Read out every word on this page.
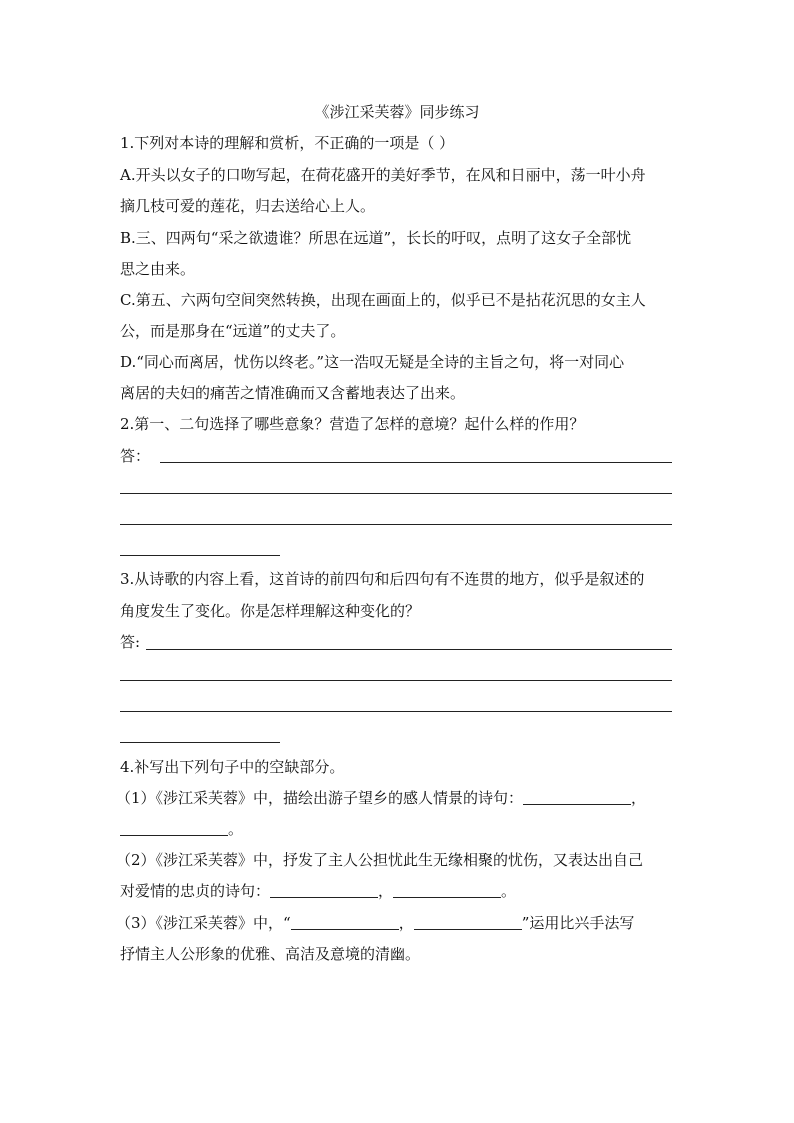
《涉江采芙蓉》同步练习
1.下列对本诗的理解和赏析，不正确的一项是（ ）
A.开头以女子的口吻写起，在荷花盛开的美好季节，在风和日丽中，荡一叶小舟
摘几枝可爱的莲花，归去送给心上人。
B.三、四两句“采之欲遗谁？所思在远道”，长长的吁叹，点明了这女子全部忧
思之由来。
C.第五、六两句空间突然转换，出现在画面上的，似乎已不是拈花沉思的女主人
公，而是那身在“远道”的丈夫了。
D.“同心而离居，忧伤以终老。”这一浩叹无疑是全诗的主旨之句，将一对同心
离居的夫妇的痛苦之情准确而又含蓄地表达了出来。
2.第一、二句选择了哪些意象？营造了怎样的意境？起什么样的作用？
答：
3.从诗歌的内容上看，这首诗的前四句和后四句有不连贯的地方，似乎是叙述的
角度发生了变化。你是怎样理解这种变化的？
答:
4.补写出下列句子中的空缺部分。
（1）《涉江采芙蓉》中，描绘出游子望乡的感人情景的诗句：	，
。
（2）《涉江采芙蓉》中，抒发了主人公担忧此生无缘相聚的忧伤，又表达出自己
对爱情的忠贞的诗句：	，	。
（3）《涉江采芙蓉》中，“	，	”运用比兴手法写
抒情主人公形象的优雅、高洁及意境的清幽。
